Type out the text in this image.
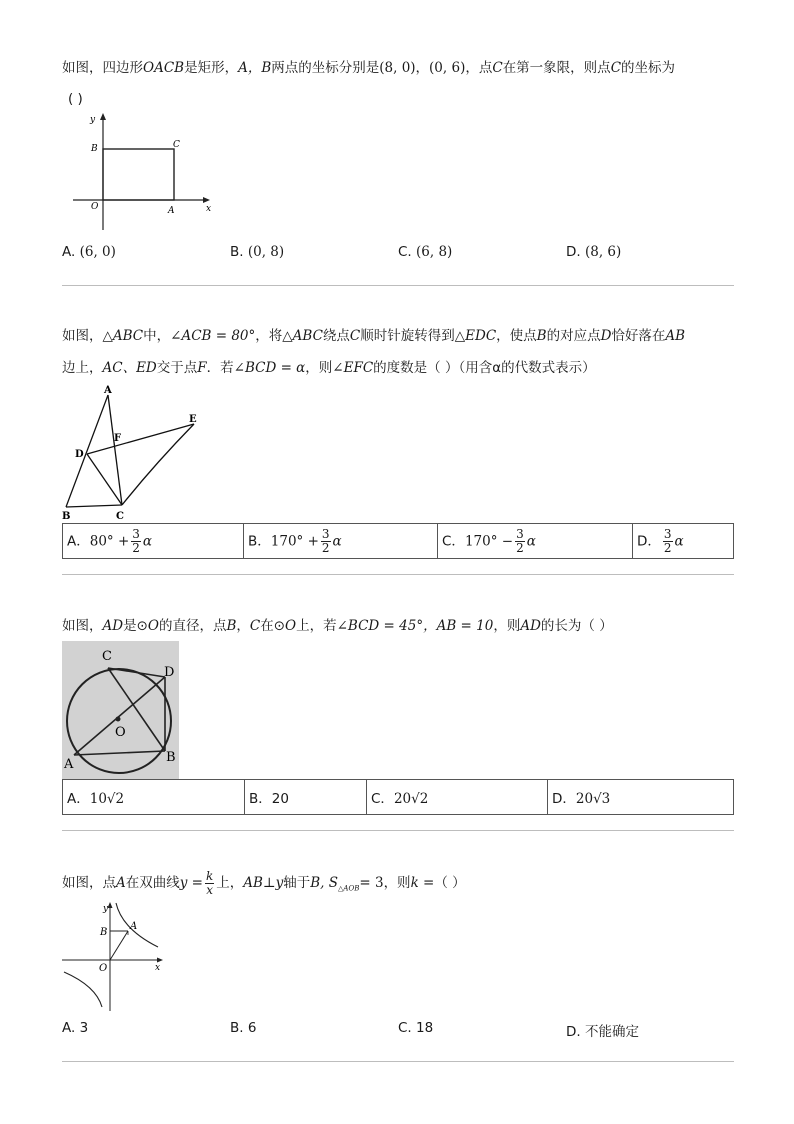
如图，四边形OACB是矩形，A，B两点的坐标分别是(8, 0)，(0, 6)，点C在第一象限，则点C的坐标为
( )
y
x
O	A
B	C
A. (6, 0)	B. (0, 8)	C. (6, 8)	D. (8, 6)
如图，△ABC中，∠ACB = 80°，将△ABC绕点C顺时针旋转得到△EDC，使点B的对应点D恰好落在AB
边上，AC、ED交于点F．若∠BCD = α，则∠EFC的度数是（ ）（用含α的代数式表示）
A
B	C
D
E
F
A．$80^\circ + \frac{3}{2}$ α	B．$170^\circ + \frac{3}{2}$ α	C．$170^\circ - \frac{3}{2}$ α	D． $\frac{3}{2}$ α
如图，AD是⊙O的直径，点B，C在⊙O上，若∠BCD = 45°，AB = 10，则AD的长为（ ）
C
D
O
A	B
A．10√2	B．20	C．20√2	D．20√3
如图，点A在双曲线$y = \frac{k}{x}$ 上，AB⊥y轴于B, $S_{\triangle AOB}= 3$，则k =（ ）
y
x
O
B
A
A. 3	B. 6	C. 18	D. 不能确定
